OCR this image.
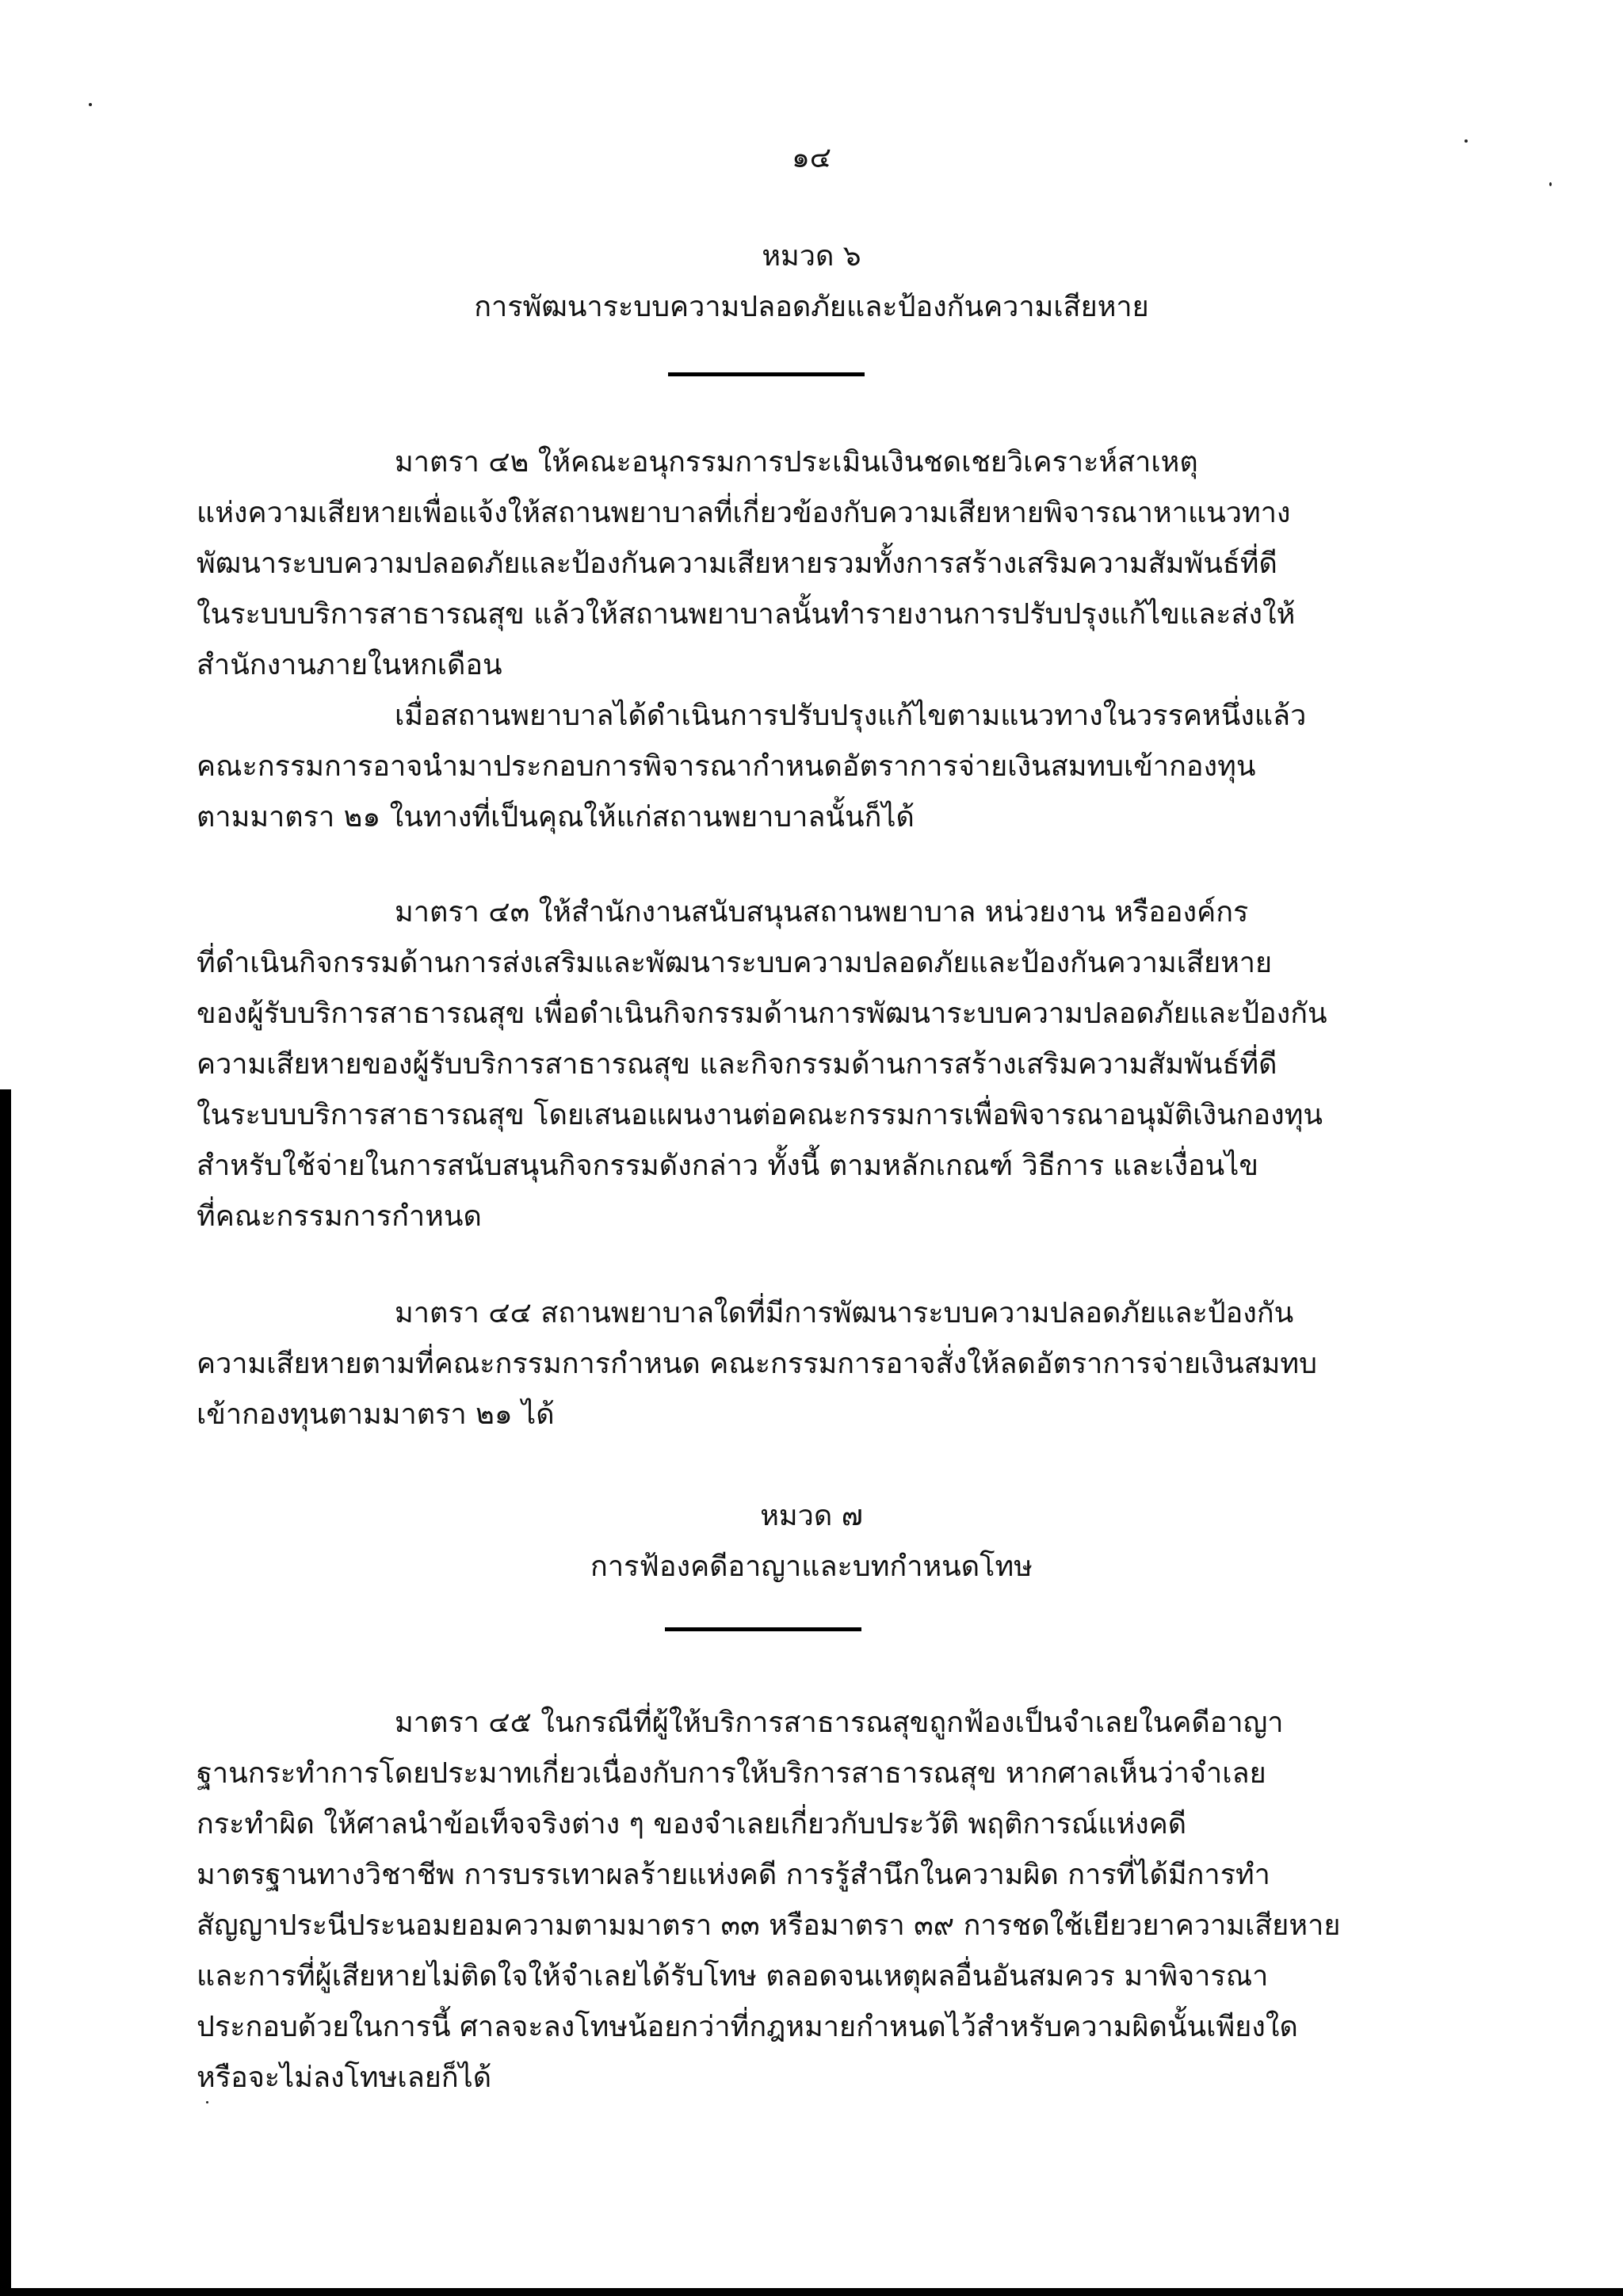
๑๔
หมวด ๖
การพัฒนาระบบความปลอดภัยและป้องกันความเสียหาย
มาตรา ๔๒ ให้คณะอนุกรรมการประเมินเงินชดเชยวิเคราะห์สาเหตุ
แห่งความเสียหายเพื่อแจ้งให้สถานพยาบาลที่เกี่ยวข้องกับความเสียหายพิจารณาหาแนวทาง
พัฒนาระบบความปลอดภัยและป้องกันความเสียหายรวมทั้งการสร้างเสริมความสัมพันธ์ที่ดี
ในระบบบริการสาธารณสุข แล้วให้สถานพยาบาลนั้นทำรายงานการปรับปรุงแก้ไขและส่งให้
สำนักงานภายในหกเดือน
เมื่อสถานพยาบาลได้ดำเนินการปรับปรุงแก้ไขตามแนวทางในวรรคหนึ่งแล้ว
คณะกรรมการอาจนำมาประกอบการพิจารณากำหนดอัตราการจ่ายเงินสมทบเข้ากองทุน
ตามมาตรา ๒๑ ในทางที่เป็นคุณให้แก่สถานพยาบาลนั้นก็ได้
มาตรา ๔๓ ให้สำนักงานสนับสนุนสถานพยาบาล หน่วยงาน หรือองค์กร
ที่ดำเนินกิจกรรมด้านการส่งเสริมและพัฒนาระบบความปลอดภัยและป้องกันความเสียหาย
ของผู้รับบริการสาธารณสุข เพื่อดำเนินกิจกรรมด้านการพัฒนาระบบความปลอดภัยและป้องกัน
ความเสียหายของผู้รับบริการสาธารณสุข และกิจกรรมด้านการสร้างเสริมความสัมพันธ์ที่ดี
ในระบบบริการสาธารณสุข โดยเสนอแผนงานต่อคณะกรรมการเพื่อพิจารณาอนุมัติเงินกองทุน
สำหรับใช้จ่ายในการสนับสนุนกิจกรรมดังกล่าว ทั้งนี้ ตามหลักเกณฑ์ วิธีการ และเงื่อนไข
ที่คณะกรรมการกำหนด
มาตรา ๔๔ สถานพยาบาลใดที่มีการพัฒนาระบบความปลอดภัยและป้องกัน
ความเสียหายตามที่คณะกรรมการกำหนด คณะกรรมการอาจสั่งให้ลดอัตราการจ่ายเงินสมทบ
เข้ากองทุนตามมาตรา ๒๑ ได้
หมวด ๗
การฟ้องคดีอาญาและบทกำหนดโทษ
มาตรา ๔๕ ในกรณีที่ผู้ให้บริการสาธารณสุขถูกฟ้องเป็นจำเลยในคดีอาญา
ฐานกระทำการโดยประมาทเกี่ยวเนื่องกับการให้บริการสาธารณสุข หากศาลเห็นว่าจำเลย
กระทำผิด ให้ศาลนำข้อเท็จจริงต่าง ๆ ของจำเลยเกี่ยวกับประวัติ พฤติการณ์แห่งคดี
มาตรฐานทางวิชาชีพ การบรรเทาผลร้ายแห่งคดี การรู้สำนึกในความผิด การที่ได้มีการทำ
สัญญาประนีประนอมยอมความตามมาตรา ๓๓ หรือมาตรา ๓๙ การชดใช้เยียวยาความเสียหาย
และการที่ผู้เสียหายไม่ติดใจให้จำเลยได้รับโทษ ตลอดจนเหตุผลอื่นอันสมควร มาพิจารณา
ประกอบด้วยในการนี้ ศาลจะลงโทษน้อยกว่าที่กฎหมายกำหนดไว้สำหรับความผิดนั้นเพียงใด
หรือจะไม่ลงโทษเลยก็ได้
